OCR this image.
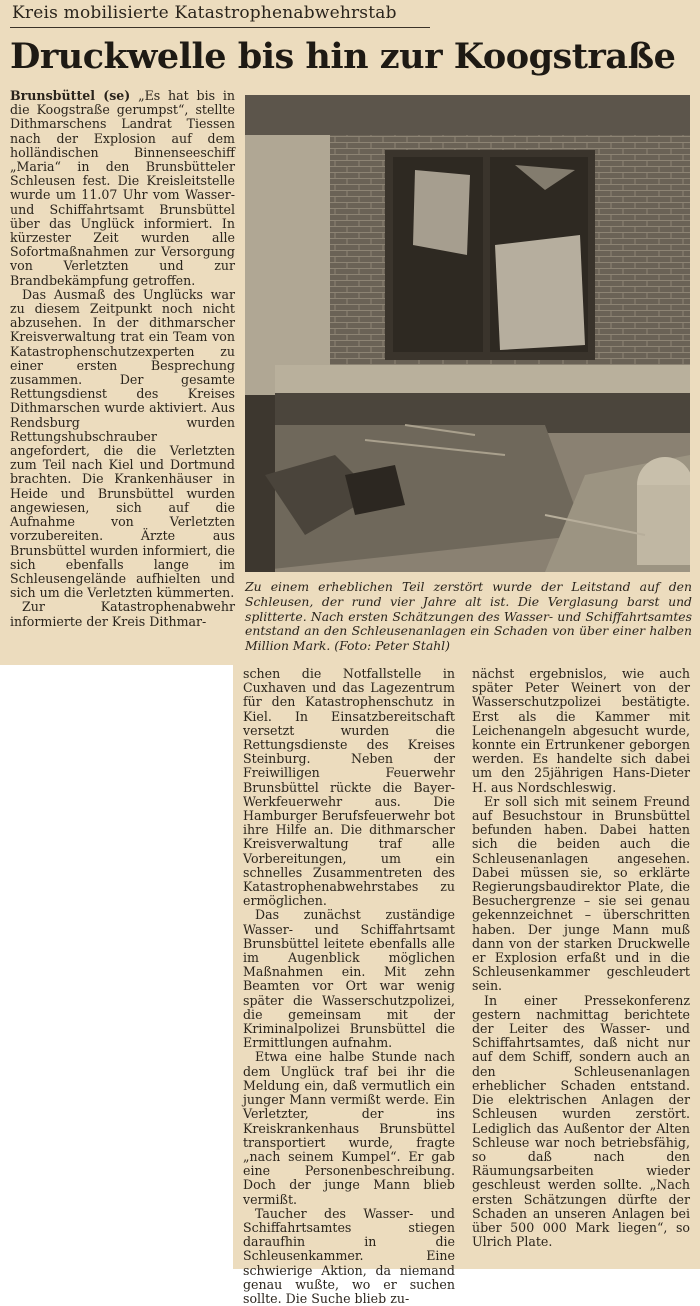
Kreis mobilisierte Katastrophenabwehrstab
Druckwelle bis hin zur Koogstraße

Brunsbüttel (se) „Es hat bis in die Koogstraße gerumpst“, stellte Dithmarschens Landrat Tiessen nach der Explosion auf dem holländischen Binnenseeschiff „Maria“ in den Brunsbütteler Schleusen fest. Die Kreisleitstelle wurde um 11.07 Uhr vom Wasser- und Schiffahrtsamt Brunsbüttel über das Unglück informiert. In kürzester Zeit wurden alle Sofortmaßnahmen zur Versorgung von Verletzten und zur Brandbekämpfung getroffen.

Das Ausmaß des Unglücks war zu diesem Zeitpunkt noch nicht abzusehen. In der dithmarscher Kreisverwaltung trat ein Team von Katastrophenschutzexperten zu einer ersten Besprechung zusammen. Der gesamte Rettungsdienst des Kreises Dithmarschen wurde aktiviert. Aus Rendsburg wurden Rettungshubschrauber angefordert, die die Verletzten zum Teil nach Kiel und Dortmund brachten. Die Krankenhäuser in Heide und Brunsbüttel wurden angewiesen, sich auf die Aufnahme von Verletzten vorzubereiten. Ärzte aus Brunsbüttel wurden informiert, die sich ebenfalls lange im Schleusengelände aufhielten und sich um die Verletzten kümmerten.

Zur Katastrophenabwehr informierte der Kreis Dithmar-

Zu einem erheblichen Teil zerstört wurde der Leitstand auf den Schleusen, der rund vier Jahre alt ist. Die Verglasung barst und splitterte. Nach ersten Schätzungen des Wasser- und Schiffahrtsamtes entstand an den Schleusenanlagen ein Schaden von über einer halben Million Mark. (Foto: Peter Stahl)

schen die Notfallstelle in Cuxhaven und das Lagezentrum für den Katastrophenschutz in Kiel. In Einsatzbereitschaft versetzt wurden die Rettungsdienste des Kreises Steinburg. Neben der Freiwilligen Feuerwehr Brunsbüttel rückte die Bayer-Werkfeuerwehr aus. Die Hamburger Berufsfeuerwehr bot ihre Hilfe an. Die dithmarscher Kreisverwaltung traf alle Vorbereitungen, um ein schnelles Zusammentreten des Katastrophenabwehrstabes zu ermöglichen.

Das zunächst zuständige Wasser- und Schiffahrtsamt Brunsbüttel leitete ebenfalls alle im Augenblick möglichen Maßnahmen ein. Mit zehn Beamten vor Ort war wenig später die Wasserschutzpolizei, die gemeinsam mit der Kriminalpolizei Brunsbüttel die Ermittlungen aufnahm.

Etwa eine halbe Stunde nach dem Unglück traf bei ihr die Meldung ein, daß vermutlich ein junger Mann vermißt werde. Ein Verletzter, der ins Kreiskrankenhaus Brunsbüttel transportiert wurde, fragte „nach seinem Kumpel“. Er gab eine Personenbeschreibung. Doch der junge Mann blieb vermißt.

Taucher des Wasser- und Schiffahrtsamtes stiegen daraufhin in die Schleusenkammer. Eine schwierige Aktion, da niemand genau wußte, wo er suchen sollte. Die Suche blieb zu-

nächst ergebnislos, wie auch später Peter Weinert von der Wasserschutzpolizei bestätigte. Erst als die Kammer mit Leichenangeln abgesucht wurde, konnte ein Ertrunkener geborgen werden. Es handelte sich dabei um den 25jährigen Hans-Dieter H. aus Nordschleswig.

Er soll sich mit seinem Freund auf Besuchstour in Brunsbüttel befunden haben. Dabei hatten sich die beiden auch die Schleusenanlagen angesehen. Dabei müssen sie, so erklärte Regierungsbaudirektor Plate, die Besuchergrenze – sie sei genau gekennzeichnet – überschritten haben. Der junge Mann muß dann von der starken Druckwelle er Explosion erfaßt und in die Schleusenkammer geschleudert sein.

In einer Pressekonferenz gestern nachmittag berichtete der Leiter des Wasser- und Schiffahrtsamtes, daß nicht nur auf dem Schiff, sondern auch an den Schleusenanlagen erheblicher Schaden entstand. Die elektrischen Anlagen der Schleusen wurden zerstört. Lediglich das Außentor der Alten Schleuse war noch betriebsfähig, so daß nach den Räumungsarbeiten wieder geschleust werden sollte. „Nach ersten Schätzungen dürfte der Schaden an unseren Anlagen bei über 500 000 Mark liegen“, so Ulrich Plate.
